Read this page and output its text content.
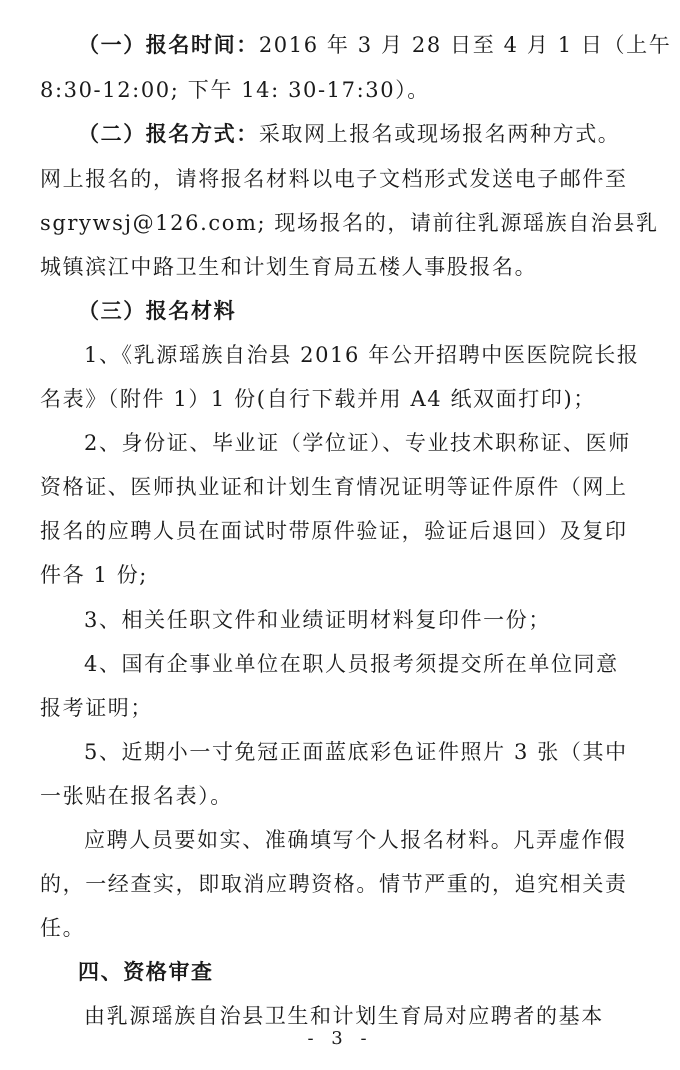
（一）报名时间：2016 年 3 月 28 日至 4 月 1 日（上午
8:30-12:00; 下午 14: 30-17:30）。
（二）报名方式：采取网上报名或现场报名两种方式。
网上报名的，请将报名材料以电子文档形式发送电子邮件至
sgrywsj@126.com; 现场报名的，请前往乳源瑶族自治县乳
城镇滨江中路卫生和计划生育局五楼人事股报名。
（三）报名材料
1、《乳源瑶族自治县 2016 年公开招聘中医医院院长报
名表》（附件 1）1 份(自行下载并用 A4 纸双面打印)；
2、身份证、毕业证（学位证）、专业技术职称证、医师
资格证、医师执业证和计划生育情况证明等证件原件（网上
报名的应聘人员在面试时带原件验证，验证后退回）及复印
件各 1 份;
3、相关任职文件和业绩证明材料复印件一份；
4、国有企事业单位在职人员报考须提交所在单位同意
报考证明；
5、近期小一寸免冠正面蓝底彩色证件照片 3 张（其中
一张贴在报名表）。
应聘人员要如实、准确填写个人报名材料。凡弄虚作假
的，一经查实，即取消应聘资格。情节严重的，追究相关责
任。
四、资格审查
由乳源瑶族自治县卫生和计划生育局对应聘者的基本
- 3 -
